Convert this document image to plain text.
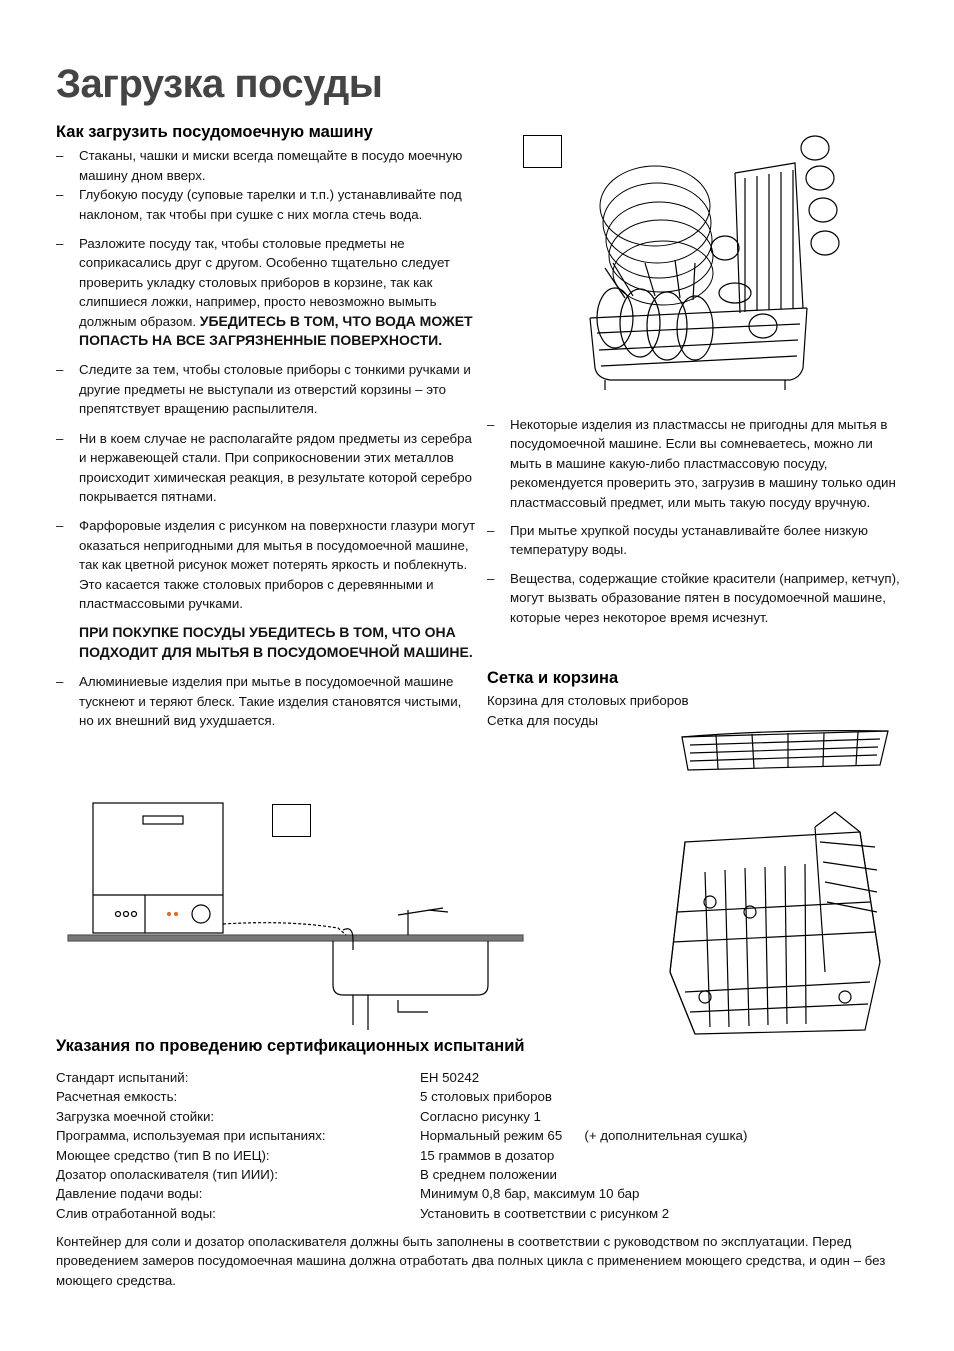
Загрузка посуды
Как загрузить посудомоечную машину
– Стаканы, чашки и миски всегда помещайте в посудо моечную машину дном вверх.
– Глубокую посуду (суповые тарелки и т.п.) устанавливайте под наклоном, так чтобы при сушке с них могла стечь вода.
– Разложите посуду так, чтобы столовые предметы не соприкасались друг с другом. Особенно тщательно следует проверить укладку столовых приборов в корзине, так как слипшиеся ложки, например, просто невозможно вымыть должным образом. УБЕДИТЕСЬ В ТОМ, ЧТО ВОДА МОЖЕТ ПОПАСТЬ НА ВСЕ ЗАГРЯЗНЕННЫЕ ПОВЕРХНОСТИ.
– Следите за тем, чтобы столовые приборы с тонкими ручками и другие предметы не выступали из отверстий корзины – это препятствует вращению распылителя.
– Ни в коем случае не располагайте рядом предметы из серебра и нержавеющей стали. При соприкосновении этих металлов происходит химическая реакция, в результате которой серебро покрывается пятнами.
– Фарфоровые изделия с рисунком на поверхности глазури могут оказаться непригодными для мытья в посудомоечной машине, так как цветной рисунок может потерять яркость и поблекнуть. Это касается также столовых приборов с деревянными и пластмассовыми ручками.

ПРИ ПОКУПКЕ ПОСУДЫ УБЕДИТЕСЬ В ТОМ, ЧТО ОНА ПОДХОДИТ ДЛЯ МЫТЬЯ В ПОСУДОМОЕЧНОЙ МАШИНЕ.

– Алюминиевые изделия при мытье в посудомоечной машине тускнеют и теряют блеск. Такие изделия становятся чистыми, но их внешний вид ухудшается.
– Некоторые изделия из пластмассы не пригодны для мытья в посудомоечной машине. Если вы сомневаетесь, можно ли мыть в машине какую-либо пластмассовую посуду, рекомендуется проверить это, загрузив в машину только один пластмассовый предмет, или мыть такую посуду вручную.
– При мытье хрупкой посуды устанавливайте более низкую температуру воды.
– Вещества, содержащие стойкие красители (например, кетчуп), могут вызвать образование пятен в посудомоечной машине, которые через некоторое время исчезнут.
Сетка и корзина
Корзина для столовых приборов
Сетка для посуды
Указания по проведению сертификационных испытаний
Стандарт испытаний:	ЕН 50242
Расчетная емкость:	5 столовых приборов
Загрузка моечной стойки:	Согласно рисунку 1
Программа, используемая при испытаниях:	Нормальный режим 65      (+ дополнительная сушка)
Моющее средство (тип В по ИЕЦ):	15 граммов в дозатор
Дозатор ополаскивателя (тип ИИИ):	В среднем положении
Давление подачи воды:	Минимум 0,8 бар, максимум 10 бар
Слив отработанной воды:	Установить в соответствии с рисунком 2
Контейнер для соли и дозатор ополаскивателя должны быть заполнены в соответствии с руководством по эксплуатации. Перед проведением замеров посудомоечная машина должна отработать два полных цикла с применением моющего средства, и один – без моющего средства.
